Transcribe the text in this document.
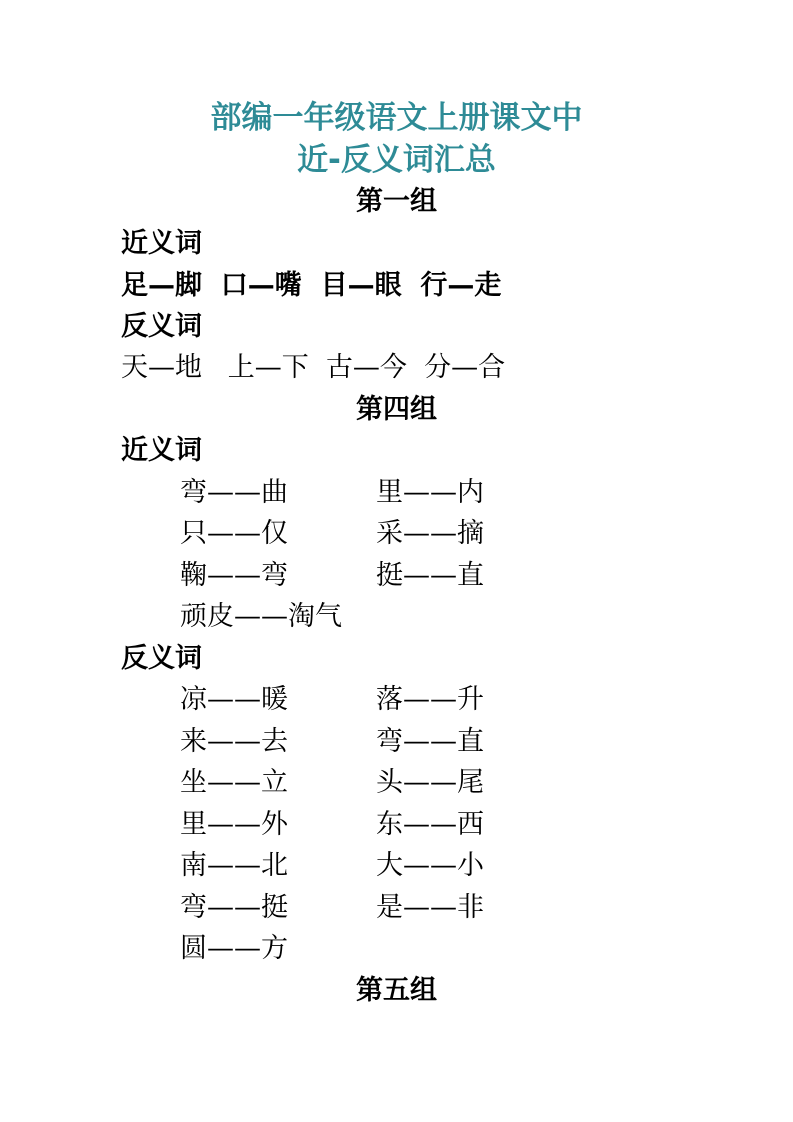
部编一年级语文上册课文中
近-反义词汇总
第一组
近义词
足—脚  口—嘴  目—眼  行—走
反义词
天—地   上—下  古—今  分—合
第四组
近义词
弯——曲	里——内
只——仅	采——摘
鞠——弯	挺——直
顽皮——淘气
反义词
凉——暖	落——升
来——去	弯——直
坐——立	头——尾
里——外	东——西
南——北	大——小
弯——挺	是——非
圆——方
第五组
